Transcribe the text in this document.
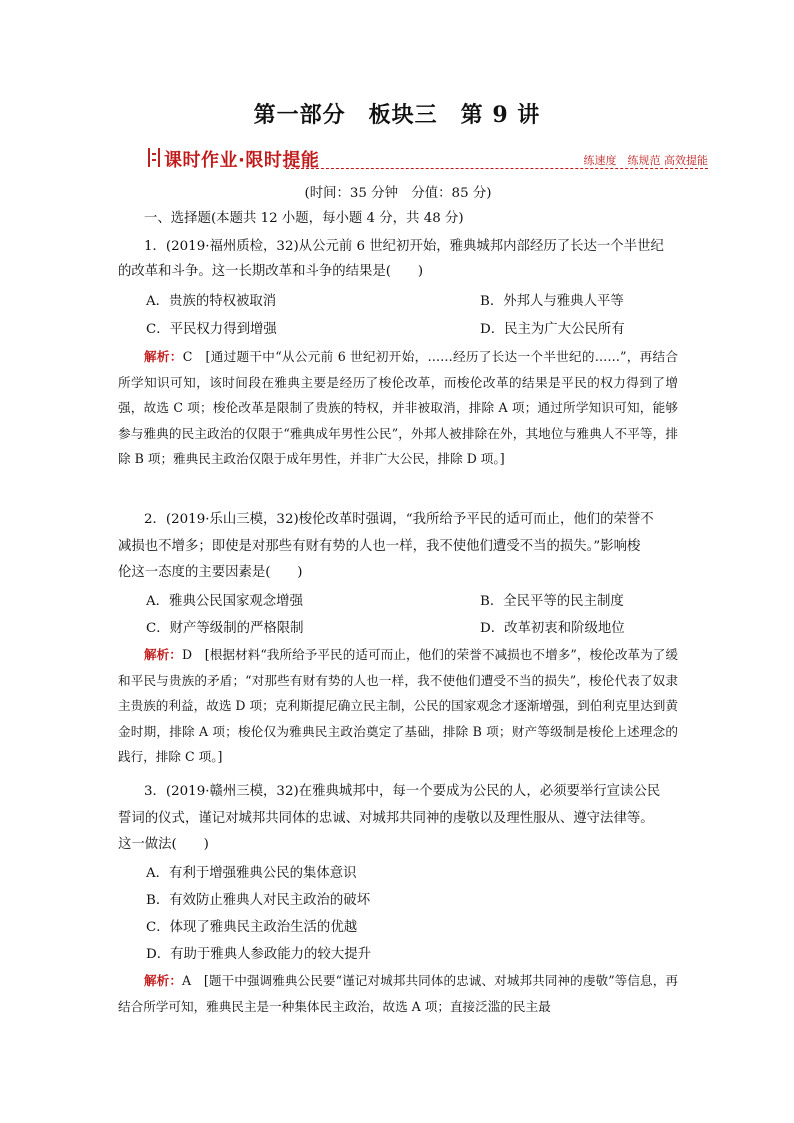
第一部分　板块三　第 9 讲
课时作业·限时提能	练速度　练规范 高效提能
(时间：35 分钟　分值：85 分)
一、选择题(本题共 12 小题，每小题 4 分，共 48 分)
1．(2019·福州质检，32)从公元前 6 世纪初开始，雅典城邦内部经历了长达一个半世纪
的改革和斗争。这一长期改革和斗争的结果是(　　)
A．贵族的特权被取消	B．外邦人与雅典人平等
C．平民权力得到增强	D．民主为广大公民所有
解析：C　[通过题干中“从公元前 6 世纪初开始，……经历了长达一个半世纪的……”，再结合所学知识可知，该时间段在雅典主要是经历了梭伦改革，而梭伦改革的结果是平民的权力得到了增强，故选 C 项；梭伦改革是限制了贵族的特权，并非被取消，排除 A 项；通过所学知识可知，能够参与雅典的民主政治的仅限于“雅典成年男性公民”，外邦人被排除在外，其地位与雅典人不平等，排除 B 项；雅典民主政治仅限于成年男性，并非广大公民，排除 D 项。]
2．(2019·乐山三模，32)梭伦改革时强调，“我所给予平民的适可而止，他们的荣誉不
减损也不增多；即使是对那些有财有势的人也一样，我不使他们遭受不当的损失。”影响梭
伦这一态度的主要因素是(　　)
A．雅典公民国家观念增强	B．全民平等的民主制度
C．财产等级制的严格限制	D．改革初衷和阶级地位
解析：D　[根据材料“我所给予平民的适可而止，他们的荣誉不减损也不增多”，梭伦改革为了缓和平民与贵族的矛盾；“对那些有财有势的人也一样，我不使他们遭受不当的损失”，梭伦代表了奴隶主贵族的利益，故选 D 项；克利斯提尼确立民主制，公民的国家观念才逐渐增强，到伯利克里达到黄金时期，排除 A 项；梭伦仅为雅典民主政治奠定了基础，排除 B 项；财产等级制是梭伦上述理念的践行，排除 C 项。]
3．(2019·赣州三模，32)在雅典城邦中，每一个要成为公民的人，必须要举行宣读公民
誓词的仪式，谨记对城邦共同体的忠诚、对城邦共同神的虔敬以及理性服从、遵守法律等。
这一做法(　　)
A．有利于增强雅典公民的集体意识
B．有效防止雅典人对民主政治的破坏
C．体现了雅典民主政治生活的优越
D．有助于雅典人参政能力的较大提升
解析：A　[题干中强调雅典公民要“谨记对城邦共同体的忠诚、对城邦共同神的虔敬”等信息，再结合所学可知，雅典民主是一种集体民主政治，故选 A 项；直接泛滥的民主最
